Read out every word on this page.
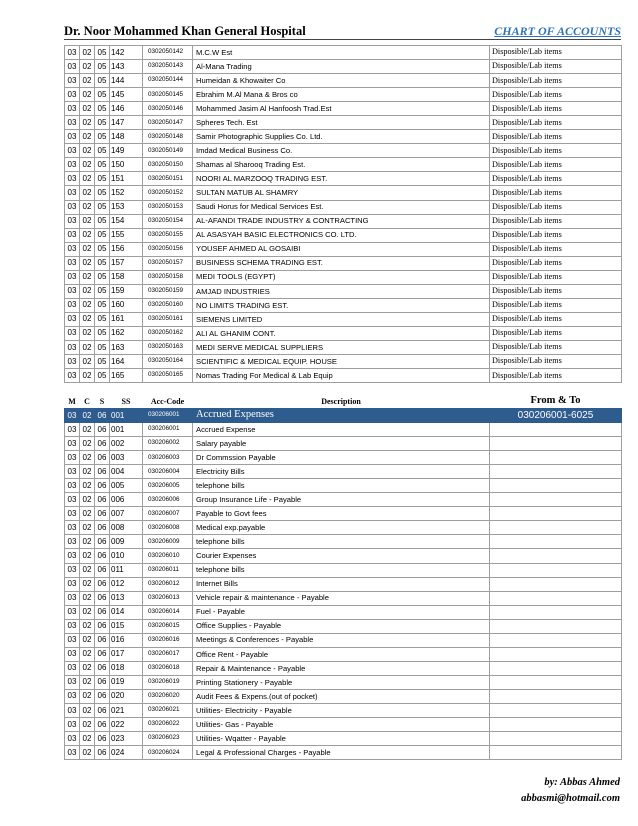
Dr. Noor Mohammed Khan General Hospital	CHART OF ACCOUNTS
03	02	05	142	0302050142	M.C.W Est	Disposible/Lab items
03	02	05	143	0302050143	Al-Mana Trading	Disposible/Lab items
03	02	05	144	0302050144	Humeidan & Khowaiter Co	Disposible/Lab items
03	02	05	145	0302050145	Ebrahim M.Al Mana & Bros co	Disposible/Lab items
03	02	05	146	0302050146	Mohammed Jasim Al Hanfoosh Trad.Est	Disposible/Lab items
03	02	05	147	0302050147	Spheres Tech. Est	Disposible/Lab items
03	02	05	148	0302050148	Samir Photographic Supplies Co. Ltd.	Disposible/Lab items
03	02	05	149	0302050149	Imdad Medical Business Co.	Disposible/Lab items
03	02	05	150	0302050150	Shamas al Sharooq Trading Est.	Disposible/Lab items
03	02	05	151	0302050151	NOORI AL MARZOOQ TRADING EST.	Disposible/Lab items
03	02	05	152	0302050152	SULTAN MATUB AL SHAMRY	Disposible/Lab items
03	02	05	153	0302050153	Saudi Horus for Medical Services Est.	Disposible/Lab items
03	02	05	154	0302050154	AL-AFANDI TRADE INDUSTRY & CONTRACTING	Disposible/Lab items
03	02	05	155	0302050155	AL ASASYAH BASIC ELECTRONICS CO. LTD.	Disposible/Lab items
03	02	05	156	0302050156	YOUSEF AHMED AL GOSAIBI	Disposible/Lab items
03	02	05	157	0302050157	BUSINESS SCHEMA TRADING EST.	Disposible/Lab items
03	02	05	158	0302050158	MEDI TOOLS (EGYPT)	Disposible/Lab items
03	02	05	159	0302050159	AMJAD INDUSTRIES	Disposible/Lab items
03	02	05	160	0302050160	NO LIMITS TRADING EST.	Disposible/Lab items
03	02	05	161	0302050161	SIEMENS LIMITED	Disposible/Lab items
03	02	05	162	0302050162	ALI AL GHANIM CONT.	Disposible/Lab items
03	02	05	163	0302050163	MEDI SERVE MEDICAL SUPPLIERS	Disposible/Lab items
03	02	05	164	0302050164	SCIENTIFIC & MEDICAL EQUIP. HOUSE	Disposible/Lab items
03	02	05	165	0302050165	Nomas Trading For Medical & Lab Equip	Disposible/Lab items
M	C	S	SS	Acc-Code	Description	From & To
03	02	06	001	030206001	Accrued Expenses	030206001-6025
03	02	06	001	030206001	Accrued Expense	
03	02	06	002	030206002	Salary payable	
03	02	06	003	030206003	Dr Commssion Payable	
03	02	06	004	030206004	Electricity Bills	
03	02	06	005	030206005	telephone bills	
03	02	06	006	030206006	Group Insurance Life - Payable	
03	02	06	007	030206007	Payable to Govt fees	
03	02	06	008	030206008	Medical exp.payable	
03	02	06	009	030206009	telephone bills	
03	02	06	010	030206010	Courier Expenses	
03	02	06	011	030206011	telephone bills	
03	02	06	012	030206012	Internet Bills	
03	02	06	013	030206013	Vehicle repair & maintenance - Payable	
03	02	06	014	030206014	Fuel - Payable	
03	02	06	015	030206015	Office Supplies - Payable	
03	02	06	016	030206016	Meetings & Conferences - Payable	
03	02	06	017	030206017	Office Rent - Payable	
03	02	06	018	030206018	Repair & Maintenance - Payable	
03	02	06	019	030206019	Printing Stationery - Payable	
03	02	06	020	030206020	Audit Fees & Expens.(out of pocket)	
03	02	06	021	030206021	Utilities- Electricity - Payable	
03	02	06	022	030206022	Utilities- Gas - Payable	
03	02	06	023	030206023	Utilities- Wqatter - Payable	
03	02	06	024	030206024	Legal & Professional Charges - Payable	
by: Abbas Ahmed
abbasmi@hotmail.com
